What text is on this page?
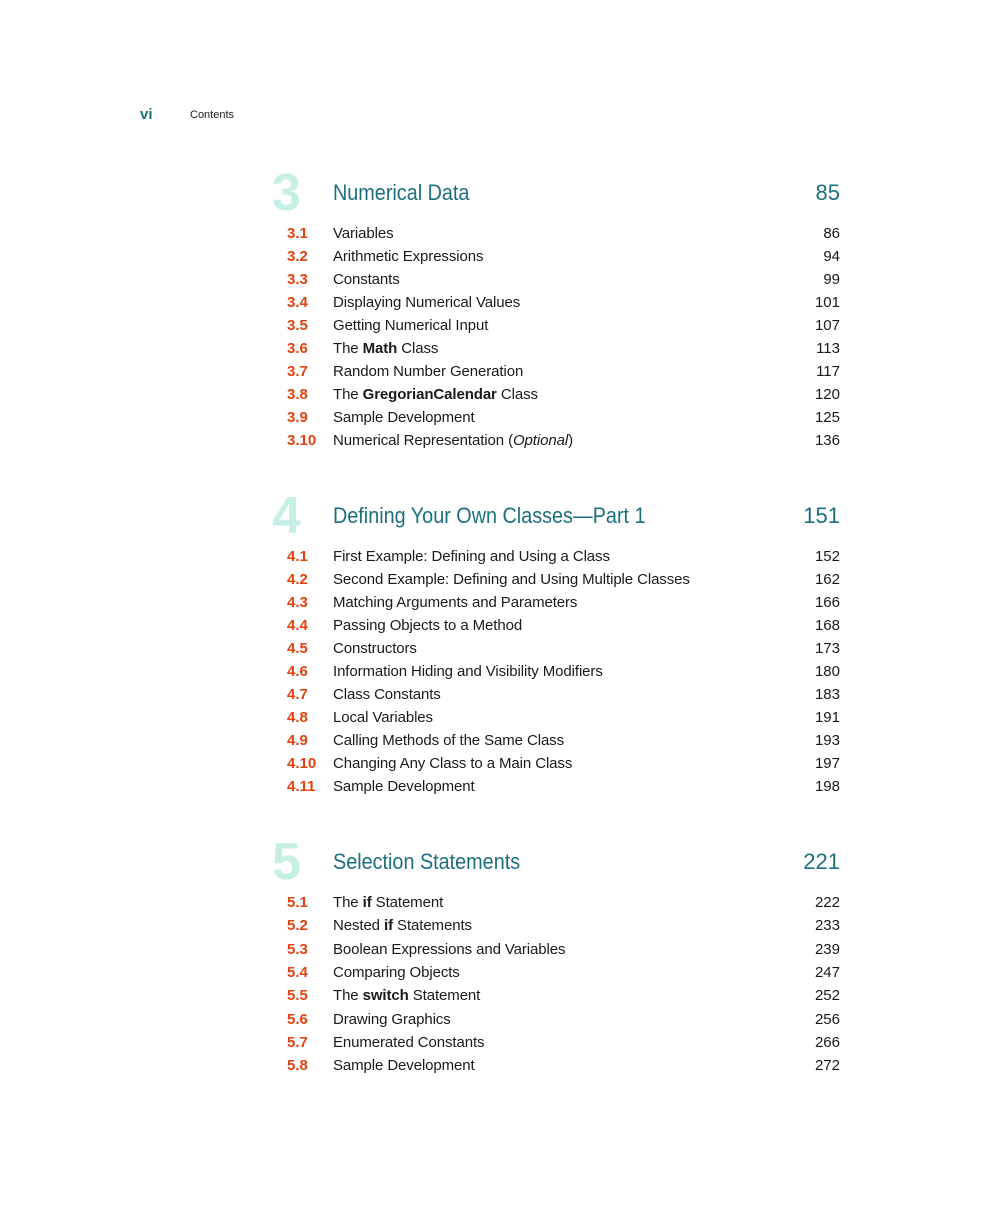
vi	Contents
3 Numerical Data	85
3.1 Variables	86
3.2 Arithmetic Expressions	94
3.3 Constants	99
3.4 Displaying Numerical Values	101
3.5 Getting Numerical Input	107
3.6 The Math Class	113
3.7 Random Number Generation	117
3.8 The GregorianCalendar Class	120
3.9 Sample Development	125
3.10 Numerical Representation (Optional)	136
4 Defining Your Own Classes—Part 1	151
4.1 First Example: Defining and Using a Class	152
4.2 Second Example: Defining and Using Multiple Classes	162
4.3 Matching Arguments and Parameters	166
4.4 Passing Objects to a Method	168
4.5 Constructors	173
4.6 Information Hiding and Visibility Modifiers	180
4.7 Class Constants	183
4.8 Local Variables	191
4.9 Calling Methods of the Same Class	193
4.10 Changing Any Class to a Main Class	197
4.11 Sample Development	198
5 Selection Statements	221
5.1 The if Statement	222
5.2 Nested if Statements	233
5.3 Boolean Expressions and Variables	239
5.4 Comparing Objects	247
5.5 The switch Statement	252
5.6 Drawing Graphics	256
5.7 Enumerated Constants	266
5.8 Sample Development	272
